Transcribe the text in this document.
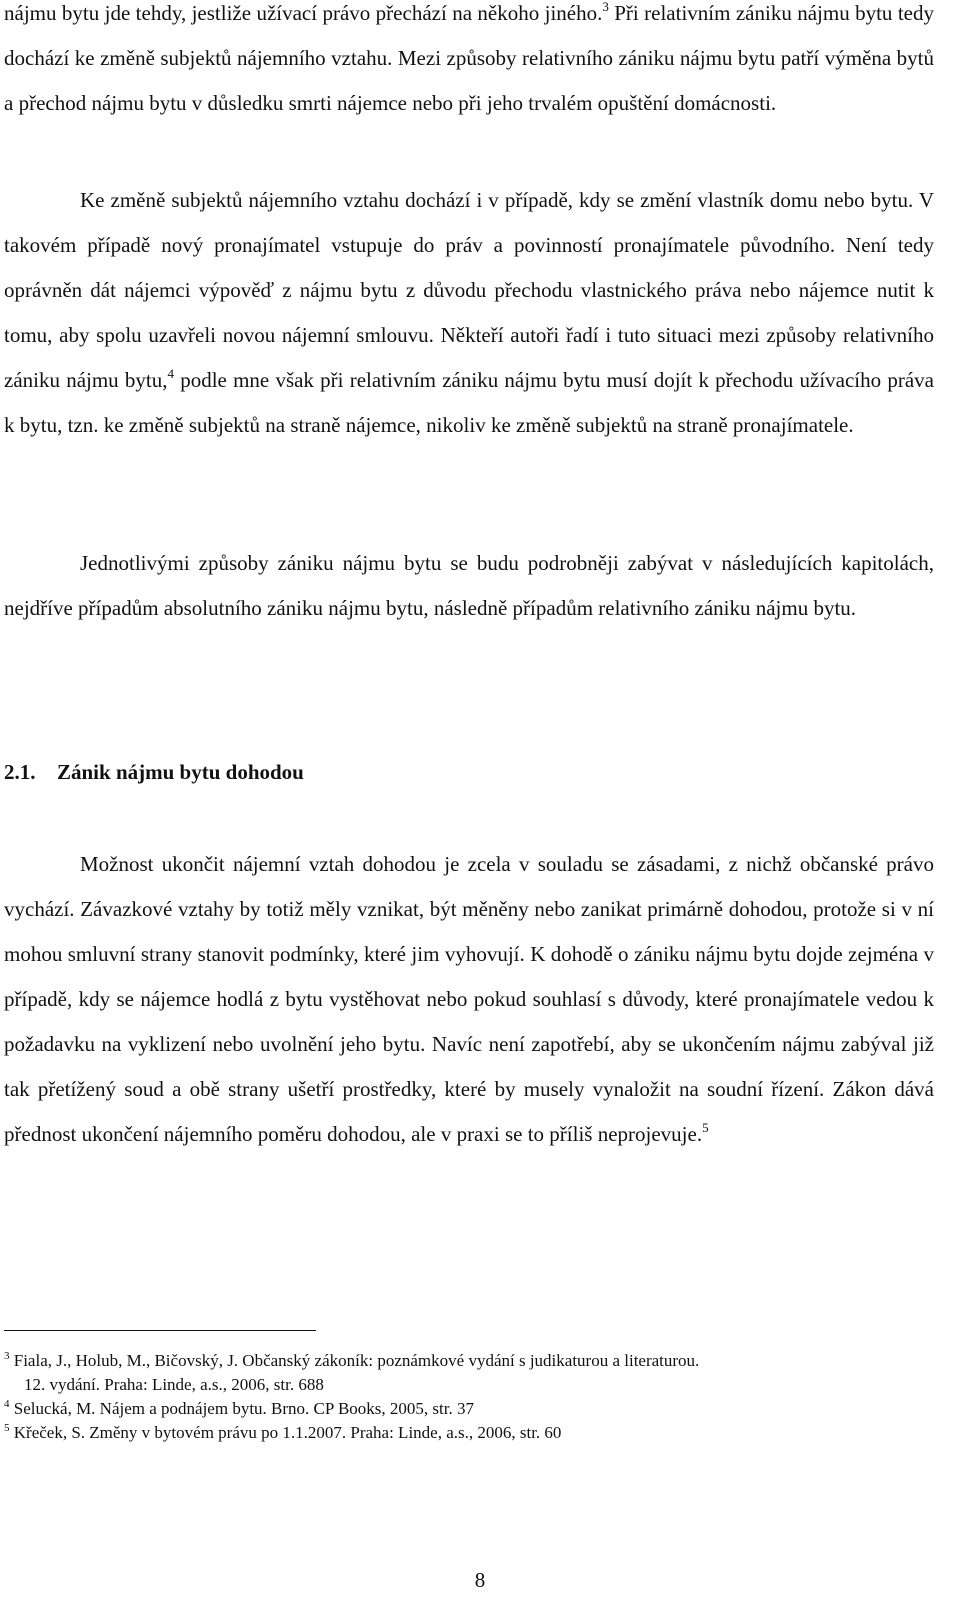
nájmu bytu jde tehdy, jestliže užívací právo přechází na někoho jiného.$^3$ Při relativním zániku nájmu bytu tedy dochází ke změně subjektů nájemního vztahu. Mezi způsoby relativního zániku nájmu bytu patří výměna bytů a přechod nájmu bytu v důsledku smrti nájemce nebo při jeho trvalém opuštění domácnosti.

Ke změně subjektů nájemního vztahu dochází i v případě, kdy se změní vlastník domu nebo bytu. V takovém případě nový pronajímatel vstupuje do práv a povinností pronajímatele původního. Není tedy oprávněn dát nájemci výpověď z nájmu bytu z důvodu přechodu vlastnického práva nebo nájemce nutit k tomu, aby spolu uzavřeli novou nájemní smlouvu. Někteří autoři řadí i tuto situaci mezi způsoby relativního zániku nájmu bytu,$^4$ podle mne však při relativním zániku nájmu bytu musí dojít k přechodu užívacího práva k bytu, tzn. ke změně subjektů na straně nájemce, nikoliv ke změně subjektů na straně pronajímatele.

Jednotlivými způsoby zániku nájmu bytu se budu podrobněji zabývat v následujících kapitolách, nejdříve případům absolutního zániku nájmu bytu, následně případům relativního zániku nájmu bytu.

2.1. Zánik nájmu bytu dohodou

Možnost ukončit nájemní vztah dohodou je zcela v souladu se zásadami, z nichž občanské právo vychází. Závazkové vztahy by totiž měly vznikat, být měněny nebo zanikat primárně dohodou, protože si v ní mohou smluvní strany stanovit podmínky, které jim vyhovují. K dohodě o zániku nájmu bytu dojde zejména v případě, kdy se nájemce hodlá z bytu vystěhovat nebo pokud souhlasí s důvody, které pronajímatele vedou k požadavku na vyklizení nebo uvolnění jeho bytu. Navíc není zapotřebí, aby se ukončením nájmu zabýval již tak přetížený soud a obě strany ušetří prostředky, které by musely vynaložit na soudní řízení. Zákon dává přednost ukončení nájemního poměru dohodou, ale v praxi se to příliš neprojevuje.$^5$

$^3$ Fiala, J., Holub, M., Bičovský, J. Občanský zákoník: poznámkové vydání s judikaturou a literaturou.
12. vydání. Praha: Linde, a.s., 2006, str. 688

$^4$ Selucká, M. Nájem a podnájem bytu. Brno. CP Books, 2005, str. 37

$^5$ Křeček, S. Změny v bytovém právu po 1.1.2007. Praha: Linde, a.s., 2006, str. 60

8
